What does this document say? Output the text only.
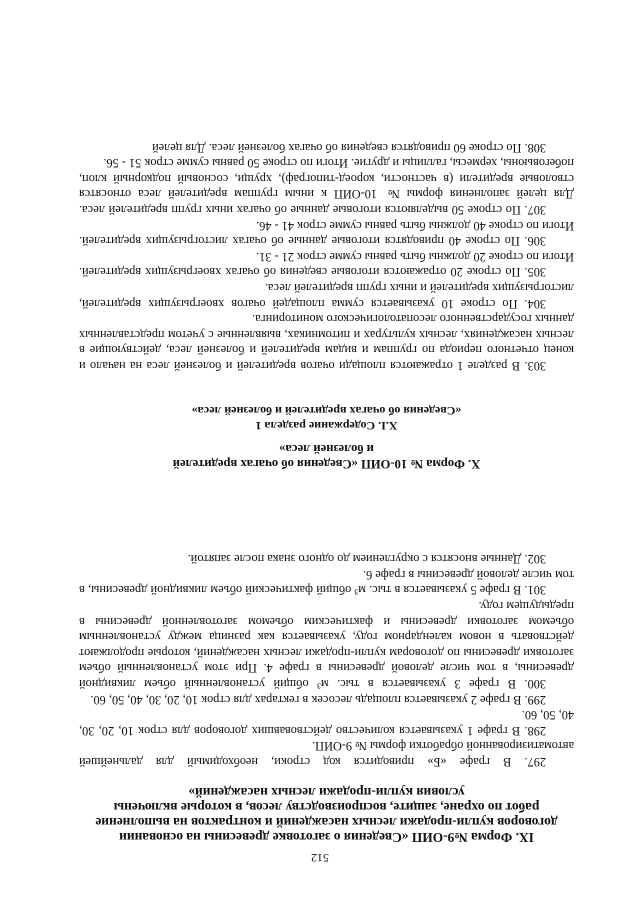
512

IX. Форма №9-ОИП «Сведения о заготовке древесины на основании договоров купли-продажи лесных насаждений и контрактов на выполнение работ по охране, защите, воспроизводству лесов, в которые включены условия купли-продажи лесных насаждений»

297. В графе «Б» приводится код строки, необходимый для дальнейшей автоматизированной обработки формы № 9-ОИП.

298. В графе 1 указывается количество действовавших договоров для строк 10, 20, 30, 40, 50, 60.

299. В графе 2 указывается площадь лесосек в гектарах для строк 10, 20, 30, 40, 50, 60.

300. В графе 3 указывается в тыс. м³ общий установленный объем ликвидной древесины, в том числе деловой древесины в графе 4. При этом установленный объем заготовки древесины по договорам купли-продажи лесных насаждений, которые продолжают действовать в новом календарном году, указывается как разница между установленным объемом заготовки древесины и фактическим объемом заготовленной древесины в предыдущем году.

301. В графе 5 указывается в тыс. м³ общий фактический объем ликвидной древесины, в том числе деловой древесины в графе 6.

302. Данные вносятся с округлением до одного знака после запятой.

X. Форма № 10-ОИП «Сведения об очагах вредителей и болезней леса»

X.I. Содержание раздела 1

«Сведения об очагах вредителей и болезней леса»

303. В разделе 1 отражаются площади очагов вредителей и болезней леса на начало и конец отчетного периода по группам и видам вредителей и болезней леса, действующие в лесных насаждениях, лесных культурах и питомниках, выявленные с учетом представленных данных государственного лесопатологического мониторинга.

304. По строке 10 указывается сумма площадей очагов хвоегрызущих вредителей, листогрызущих вредителей и иных групп вредителей леса.

305. По строке 20 отражаются итоговые сведения об очагах хвоегрызущих вредителей. Итоги по строке 20 должны быть равны сумме строк 21 - 31.

306. По строке 40 приводятся итоговые данные об очагах листогрызущих вредителей. Итоги по строке 40 должны быть равны сумме строк 41 - 46.

307. По строке 50 выделяются итоговые данные об очагах иных групп вредителей леса. Для целей заполнения формы № 10-ОИП к иным группам вредителей леса относятся стволовые вредители (в частности, короед-типограф), хрущи, сосновый подкорный клоп, побеговьюны, хермесы, галлицы и другие. Итоги по строке 50 равны сумме строк 51 - 56.

308. По строке 60 приводятся сведения об очагах болезней леса. Для целей
